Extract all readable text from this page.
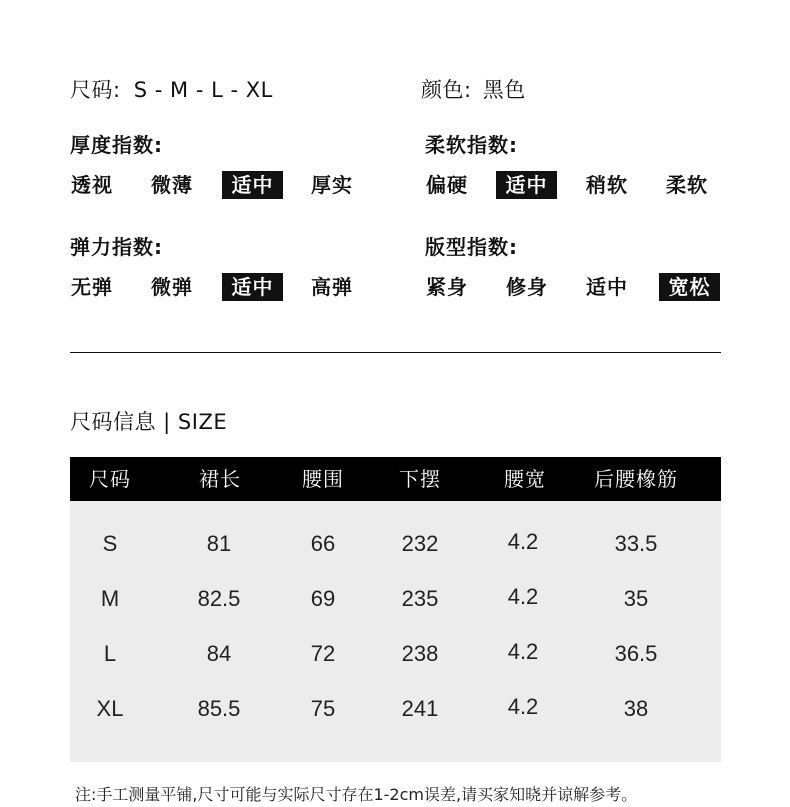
尺码: S - M - L - XL	颜色: 黑色
厚度指数:	柔软指数:
弹力指数:	版型指数:
透视 微薄	适中	厚实	偏硬	适中	稍软 柔软
无弹 微弹	适中	高弹	紧身 修身 适中	宽松
尺码信息 | SIZE
尺码	裙长	腰围	下摆	腰宽 后腰橡筋
S	81	66	232	4.2	33.5
M	82.5	69	235	4.2	35
L	84	72	238	4.2	36.5
XL	85.5	75	241	4.2	38
注:手工测量平铺,尺寸可能与实际尺寸存在1-2cm误差,请买家知晓并谅解参考。
